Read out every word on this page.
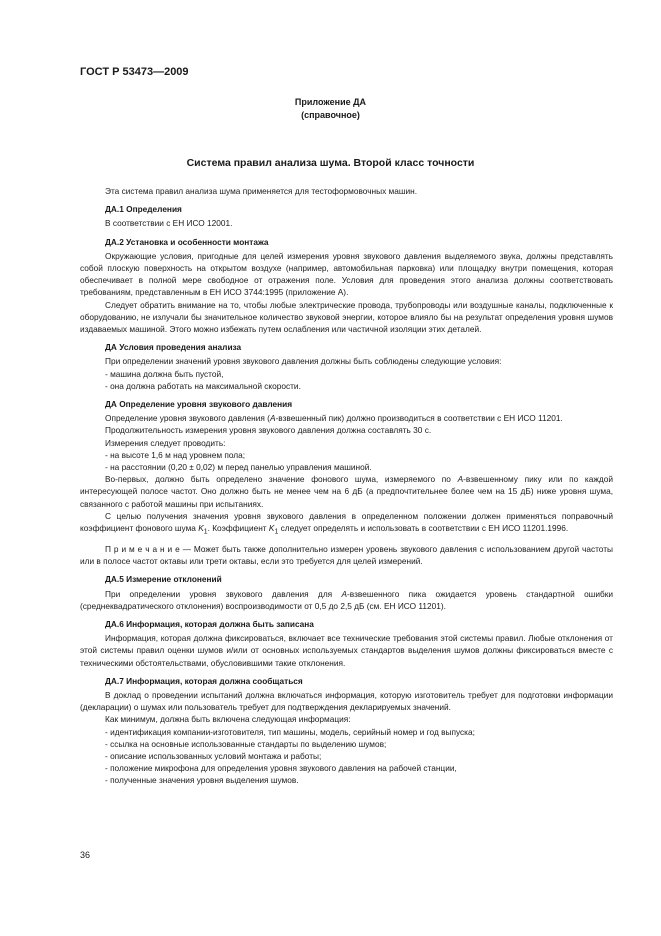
ГОСТ Р 53473—2009
Приложение ДА
(справочное)
Система правил анализа шума. Второй класс точности

Эта система правил анализа шума применяется для тестоформовочных машин.

ДА.1 Определения

В соответствии с ЕН ИСО 12001.

ДА.2 Установка и особенности монтажа

Окружающие условия, пригодные для целей измерения уровня звукового давления выделяемого звука, должны представлять собой плоскую поверхность на открытом воздухе (например, автомобильная парковка) или площадку внутри помещения, которая обеспечивает в полной мере свободное от отражения поле. Условия для проведения этого анализа должны соответствовать требованиям, представленным в ЕН ИСО 3744:1995 (приложение А).

Следует обратить внимание на то, чтобы любые электрические провода, трубопроводы или воздушные каналы, подключенные к оборудованию, не излучали бы значительное количество звуковой энергии, которое влияло бы на результат определения уровня шумов издаваемых машиной. Этого можно избежать путем ослабления или частичной изоляции этих деталей.

ДА Условия проведения анализа

При определении значений уровня звукового давления должны быть соблюдены следующие условия:

- машина должна быть пустой,

- она должна работать на максимальной скорости.

ДА Определение уровня звукового давления

Определение уровня звукового давления (А-взвешенный пик) должно производиться в соответствии с ЕН ИСО 11201.

Продолжительность измерения уровня звукового давления должна составлять 30 с.

Измерения следует проводить:

- на высоте 1,6 м над уровнем пола;

- на расстоянии (0,20 ± 0,02) м перед панелью управления машиной.

Во-первых, должно быть определено значение фонового шума, измеряемого по А-взвешенному пику или по каждой интересующей полосе частот. Оно должно быть не менее чем на 6 дБ (а предпочтительнее более чем на 15 дБ) ниже уровня шума, связанного с работой машины при испытаниях.

С целью получения значения уровня звукового давления в определенном положении должен применяться поправочный коэффициент фонового шума $K_1$. Коэффициент $K_1$ следует определять и использовать в соответствии с ЕН ИСО 11201.1996.

П р и м е ч а н и е — Может быть также дополнительно измерен уровень звукового давления с использованием другой частоты или в полосе частот октавы или трети октавы, если это требуется для целей измерений.

ДА.5 Измерение отклонений

При определении уровня звукового давления для А-взвешенного пика ожидается уровень стандартной ошибки (среднеквадратического отклонения) воспроизводимости от 0,5 до 2,5 дБ (см. ЕН ИСО 11201).

ДА.6 Информация, которая должна быть записана

Информация, которая должна фиксироваться, включает все технические требования этой системы правил. Любые отклонения от этой системы правил оценки шумов и/или от основных используемых стандартов выделения шумов должны фиксироваться вместе с техническими обстоятельствами, обусловившими такие отклонения.

ДА.7 Информация, которая должна сообщаться

В доклад о проведении испытаний должна включаться информация, которую изготовитель требует для подготовки информации (декларации) о шумах или пользователь требует для подтверждения декларируемых значений.

Как минимум, должна быть включена следующая информация:

- идентификация компании-изготовителя, тип машины, модель, серийный номер и год выпуска;

- ссылка на основные использованные стандарты по выделению шумов;

- описание использованных условий монтажа и работы;

- положение микрофона для определения уровня звукового давления на рабочей станции,

- полученные значения уровня выделения шумов.

36
